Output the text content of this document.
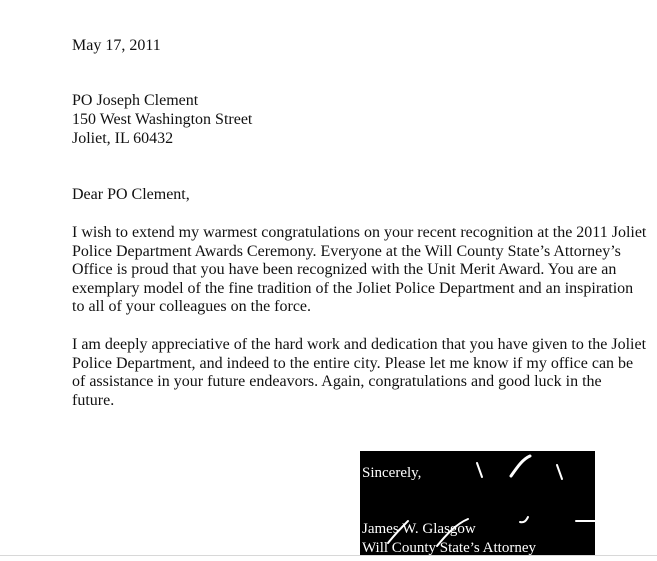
May 17, 2011
PO Joseph Clement
150 West Washington Street
Joliet, IL 60432
Dear PO Clement,
I wish to extend my warmest congratulations on your recent recognition at the 2011 Joliet
Police Department Awards Ceremony. Everyone at the Will County State’s Attorney’s
Office is proud that you have been recognized with the Unit Merit Award. You are an
exemplary model of the fine tradition of the Joliet Police Department and an inspiration
to all of your colleagues on the force.
I am deeply appreciative of the hard work and dedication that you have given to the Joliet
Police Department, and indeed to the entire city. Please let me know if my office can be
of assistance in your future endeavors. Again, congratulations and good luck in the
future.
Sincerely,
James W. Glasgow
Will County State’s Attorney
